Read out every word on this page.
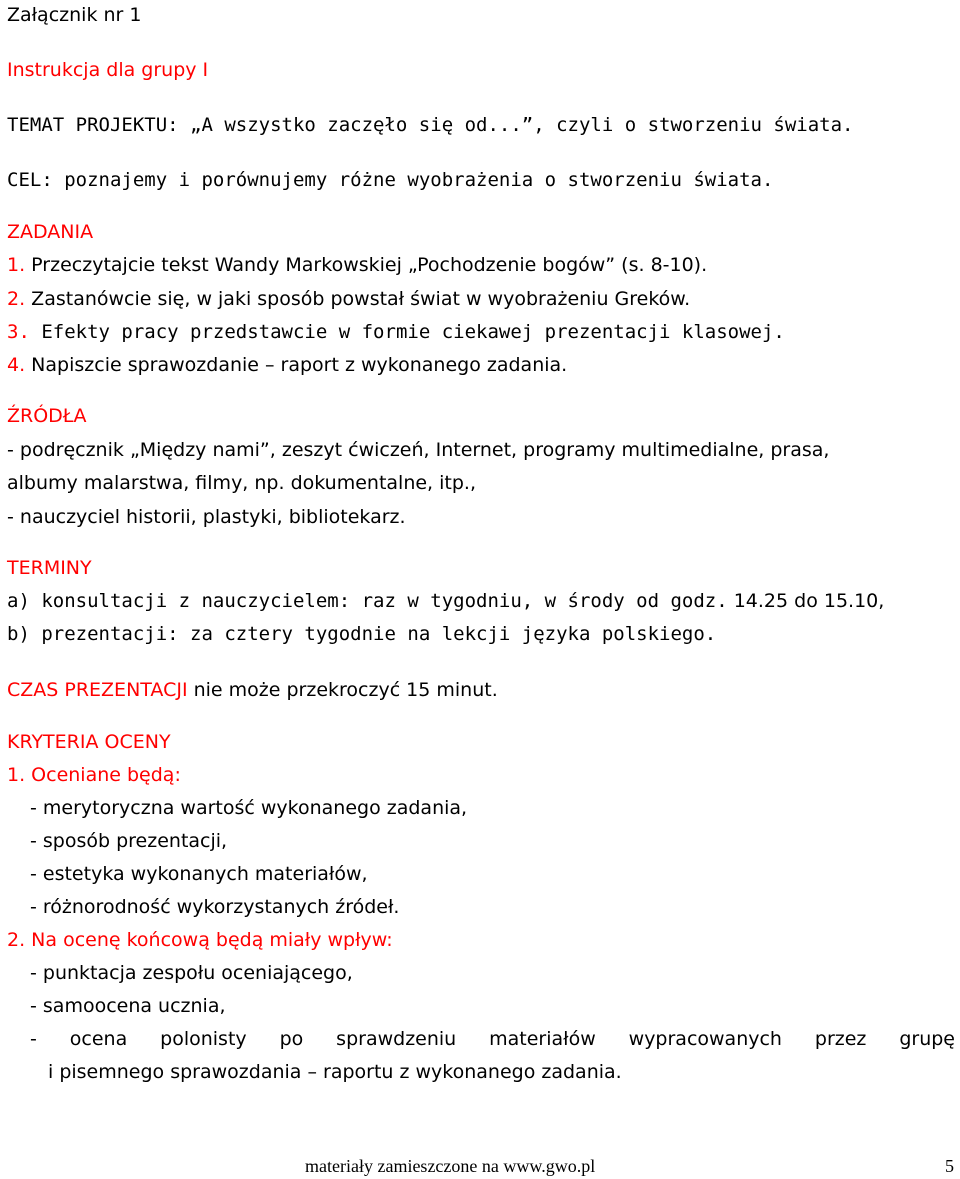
Załącznik nr 1
Instrukcja dla grupy I
TEMAT PROJEKTU: „A wszystko zaczęło się od...”, czyli o stworzeniu świata.
CEL: poznajemy i porównujemy różne wyobrażenia o stworzeniu świata.
ZADANIA
1. Przeczytajcie tekst Wandy Markowskiej „Pochodzenie bogów” (s. 8-10).
2. Zastanówcie się, w jaki sposób powstał świat w wyobrażeniu Greków.
3. Efekty pracy przedstawcie w formie ciekawej prezentacji klasowej.
4. Napiszcie sprawozdanie – raport z wykonanego zadania.
ŹRÓDŁA
- podręcznik „Między nami”, zeszyt ćwiczeń, Internet, programy multimedialne, prasa,
albumy malarstwa, filmy, np. dokumentalne, itp.,
- nauczyciel historii, plastyki, bibliotekarz.
TERMINY
a) konsultacji z nauczycielem: raz w tygodniu, w środy od godz. 14.25 do 15.10,
b) prezentacji: za cztery tygodnie na lekcji języka polskiego.
CZAS PREZENTACJI nie może przekroczyć 15 minut.
KRYTERIA OCENY
1. Oceniane będą:
- merytoryczna wartość wykonanego zadania,
- sposób prezentacji,
- estetyka wykonanych materiałów,
- różnorodność wykorzystanych źródeł.
2. Na ocenę końcową będą miały wpływ:
- punktacja zespołu oceniającego,
- samoocena ucznia,
- ocena polonisty po sprawdzeniu materiałów wypracowanych przez grupę
i pisemnego sprawozdania – raportu z wykonanego zadania.
materiały zamieszczone na www.gwo.pl	5
